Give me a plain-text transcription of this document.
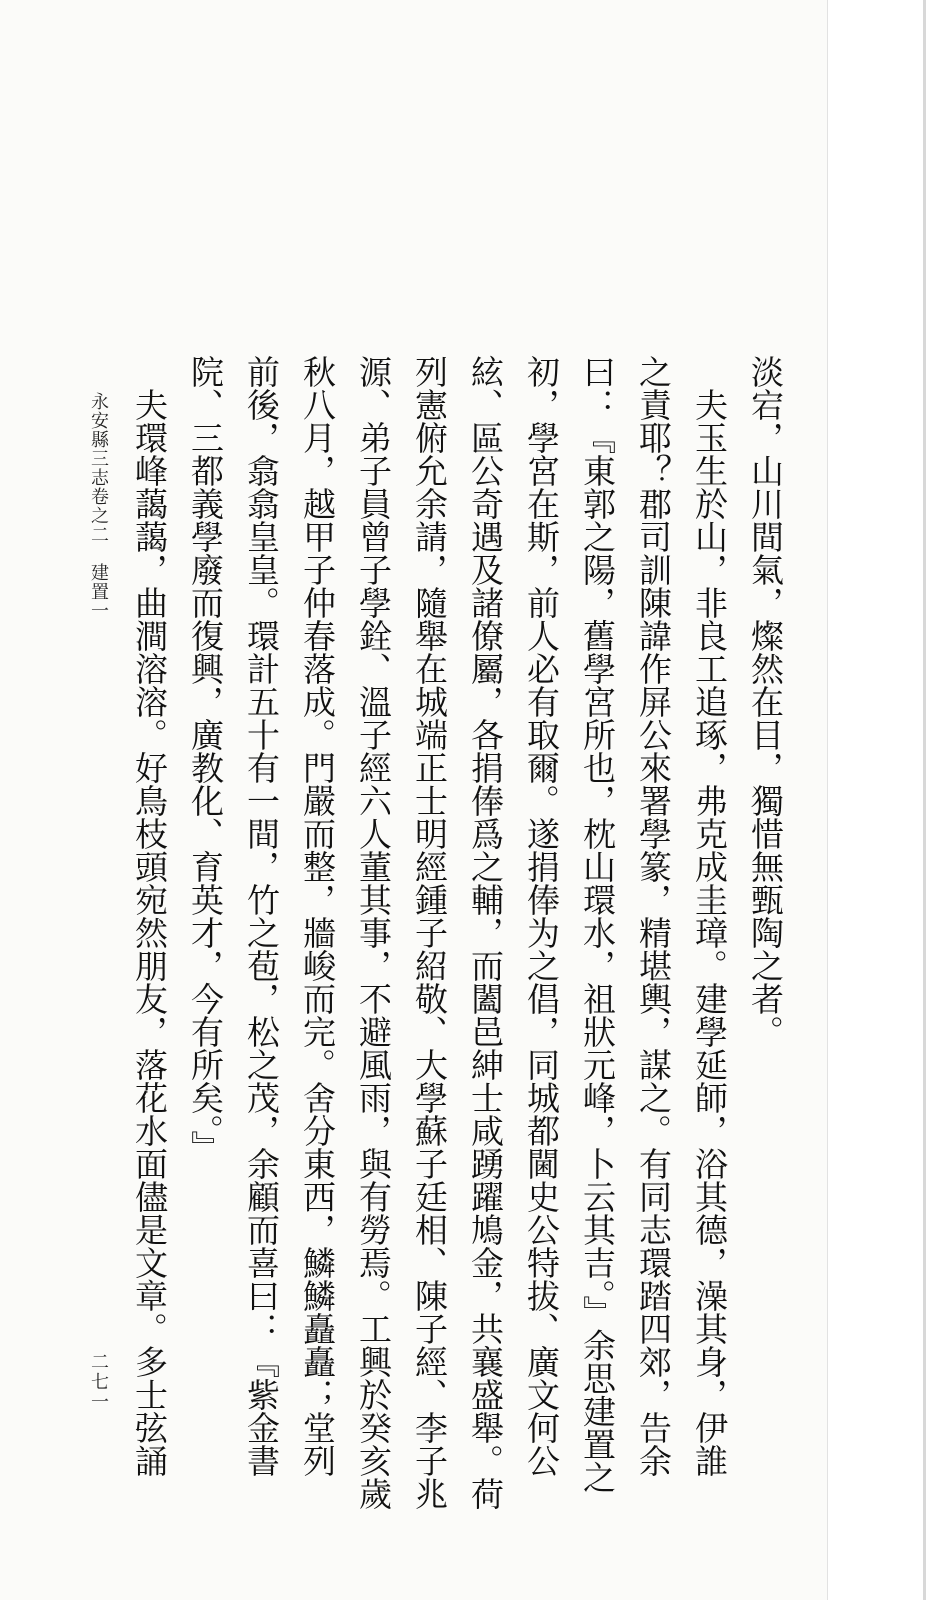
淡宕，山川間氣，燦然在目，獨惜無甄陶之者。
　夫玉生於山，非良工追琢，弗克成圭璋。建學延師，浴其德，澡其身，伊誰
之責耶？郡司訓陳諱作屏公來署學篆，精堪輿，謀之。有同志環踏四郊，告余
曰：『東郭之陽，舊學宮所也，枕山環水，祖狀元峰，卜云其吉。』余思建置之
初，學宮在斯，前人必有取爾。遂捐俸为之倡，同城都閫史公特拔、廣文何公
絃、區公奇遇及諸僚屬，各捐俸爲之輔，而闔邑紳士咸踴躍鳩金，共襄盛舉。荷
列憲俯允余請，隨舉在城端正士明經鍾子紹敬、大學蘇子廷相、陳子經、李子兆
源、弟子員曾子學銓、溫子經六人董其事，不避風雨，與有勞焉。工興於癸亥歲
秋八月，越甲子仲春落成。門嚴而整，牆峻而完。舍分東西，鱗鱗矗矗；堂列
前後，翕翕皇皇。環計五十有一間，竹之苞，松之茂，余顧而喜曰：『紫金書
院、三都義學廢而復興，廣教化、育英才，今有所矣。』
　夫環峰藹藹，曲澗溶溶。好鳥枝頭宛然朋友，落花水面儘是文章。多士弦誦
永安縣三志卷之二　建置一
二七一
